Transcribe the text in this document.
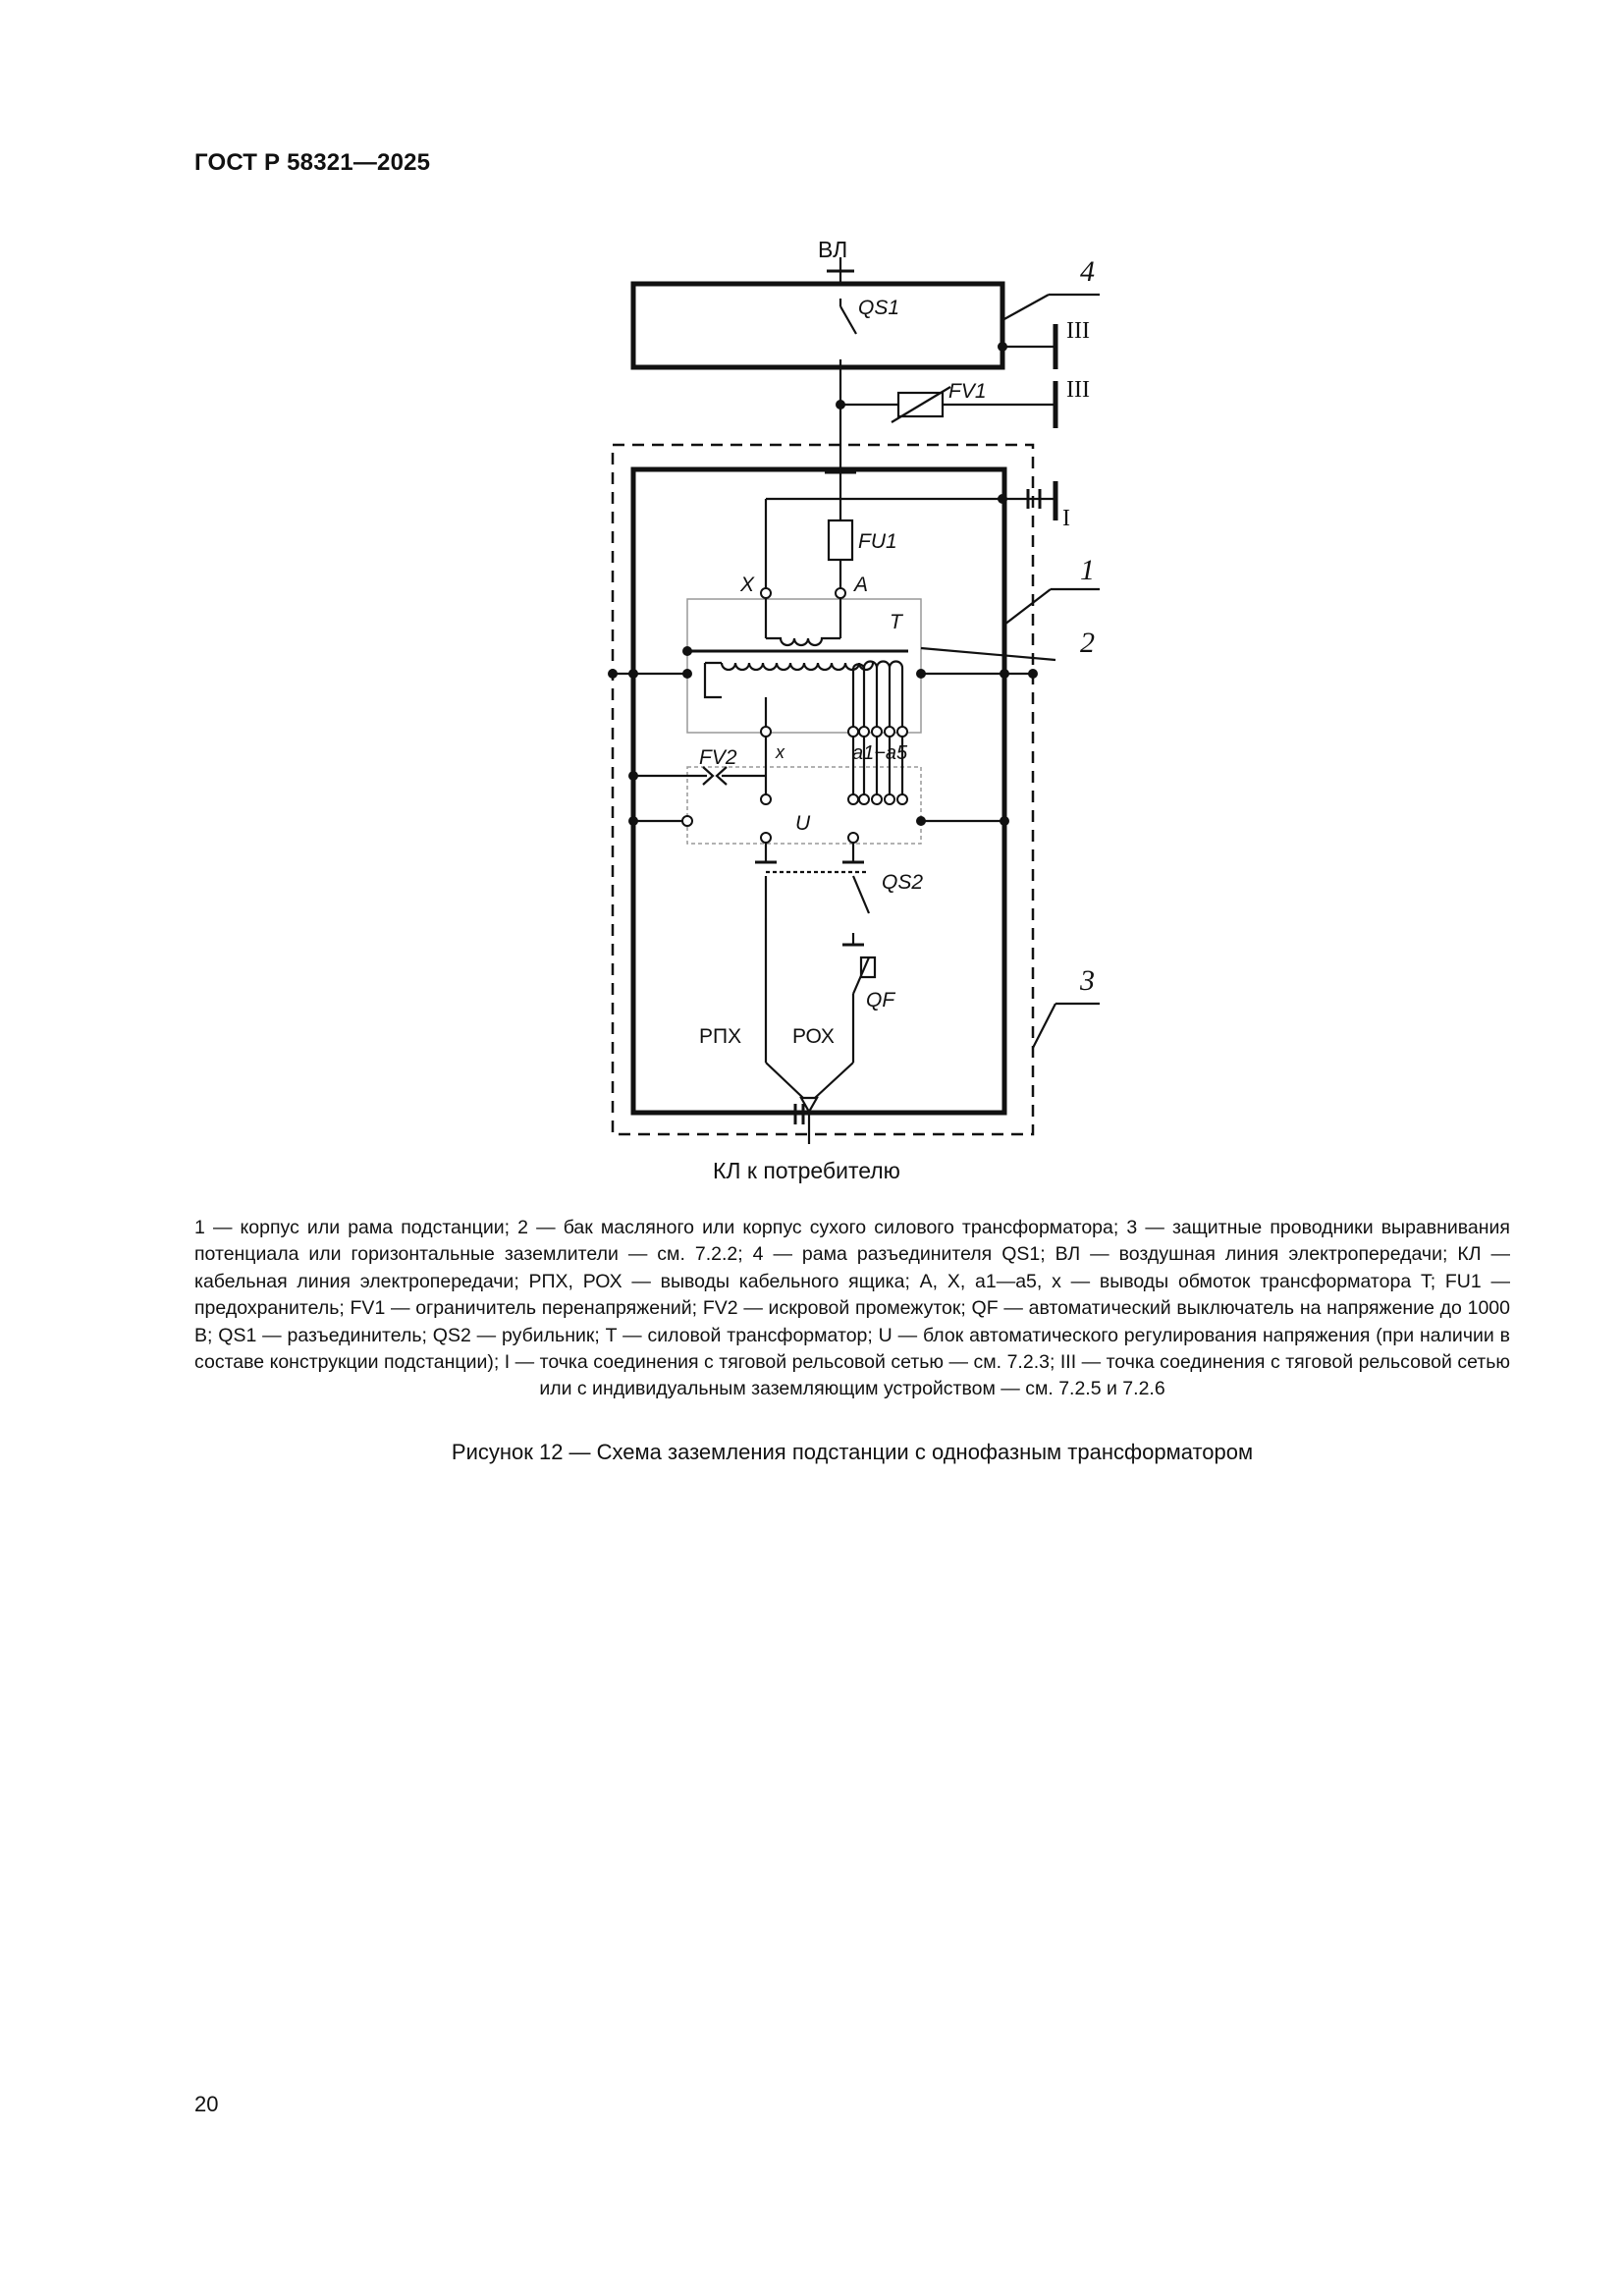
ГОСТ Р 58321—2025
ВЛ
QS1
FV1
FU1
X	A
T
FV2 x	a1−a5
U
QS2
QF
РПХ РОХ
КЛ к потребителю
4
1
2
3
III
III
I
1 — корпус или рама подстанции; 2 — бак масляного или корпус сухого силового трансформатора; 3 — защитные проводники выравнивания потенциала или горизонтальные заземлители — см. 7.2.2; 4 — рама разъединителя QS1; ВЛ — воздушная линия электропередачи; КЛ — кабельная линия электропередачи; РПХ, РОХ — выводы кабельного ящика; A, X, a1—a5, x — выводы обмоток трансформатора T; FU1 — предохранитель; FV1 — ограничитель перенапряжений; FV2 — искровой промежуток; QF — автоматический выключатель на напряжение до 1000 В; QS1 — разъединитель; QS2 — рубильник; T — силовой трансформатор; U — блок автоматического регулирования напряжения (при наличии в составе конструкции подстанции); I — точка соединения с тяговой рельсовой сетью — см. 7.2.3; III — точка соединения с тяговой рельсовой сетью или с индивидуальным заземляющим устройством — см. 7.2.5 и 7.2.6
Рисунок 12 — Схема заземления подстанции с однофазным трансформатором
20
